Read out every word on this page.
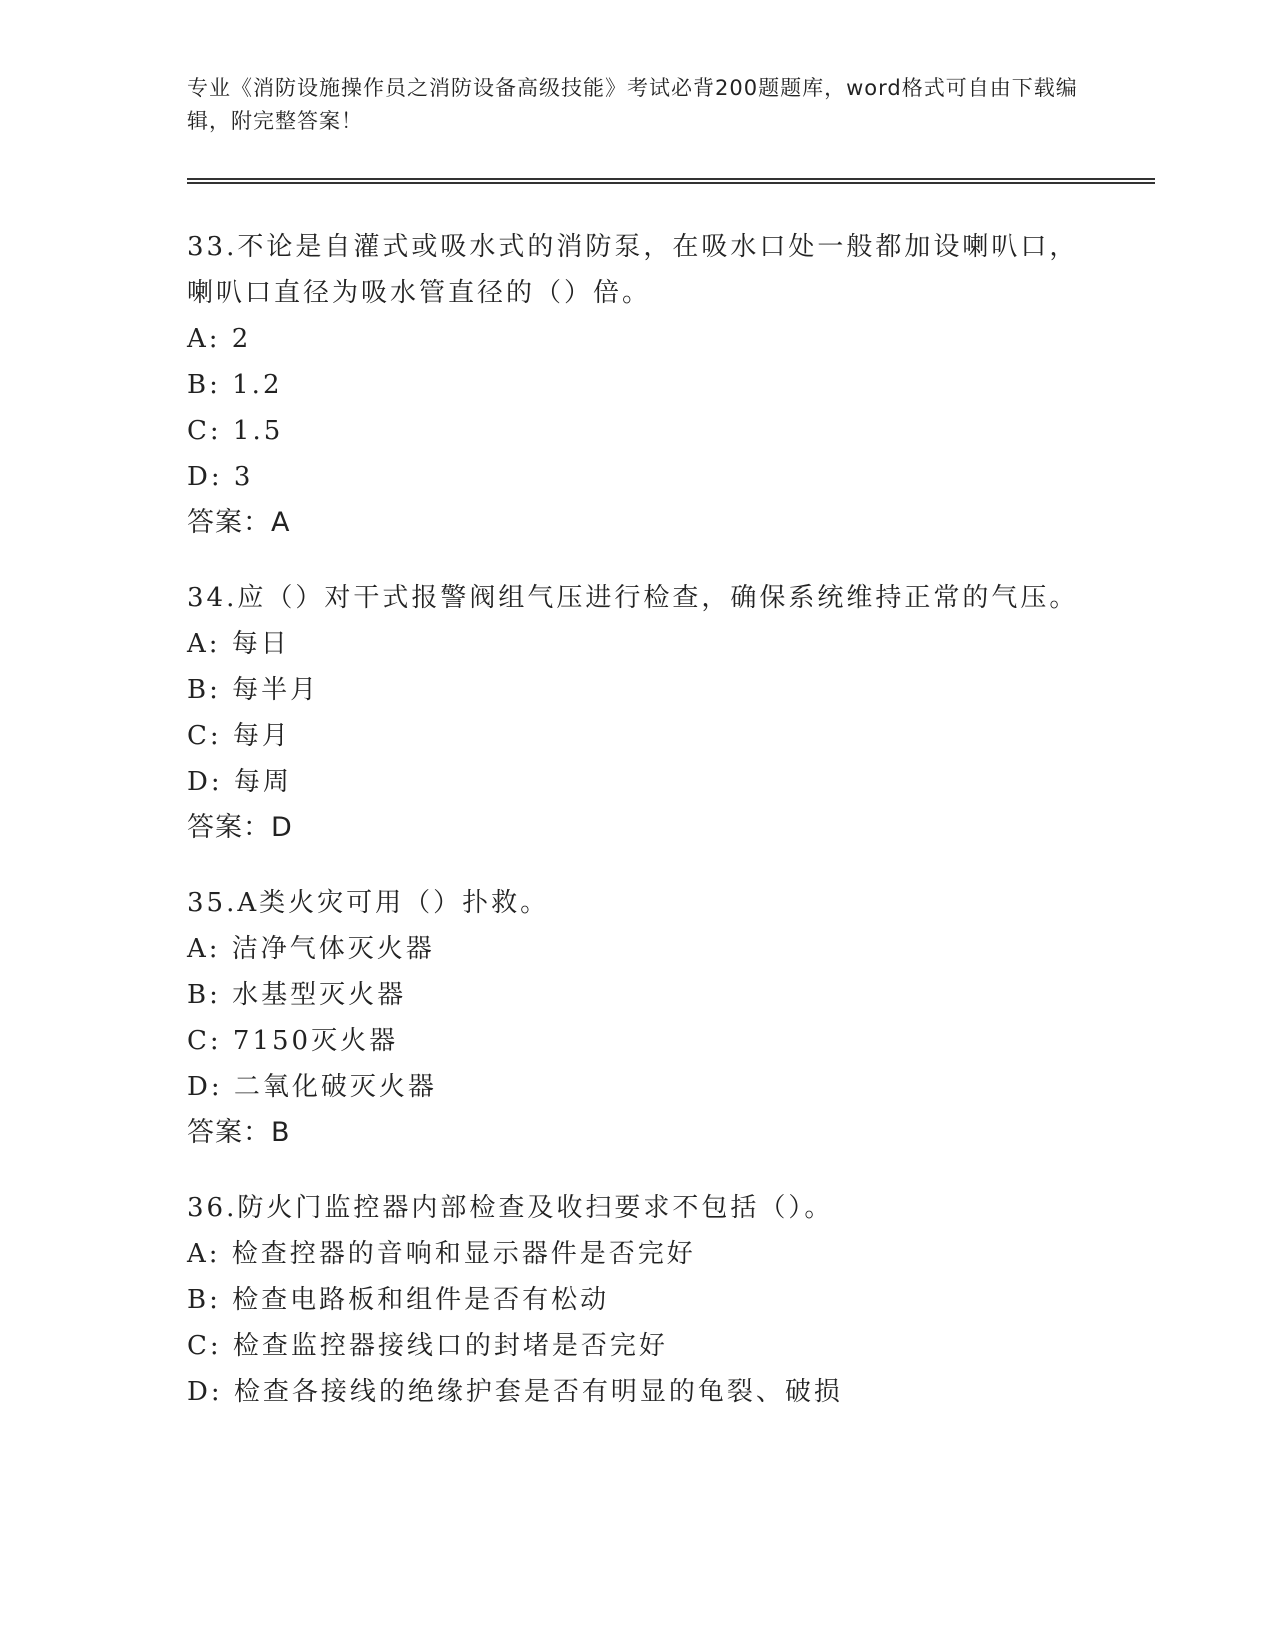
专业《消防设施操作员之消防设备高级技能》考试必背200题题库，word格式可自由下载编辑，附完整答案！
33.不论是自灌式或吸水式的消防泵，在吸水口处一般都加设喇叭口，喇叭口直径为吸水管直径的（）倍。
A: 2
B: 1.2
C: 1.5
D: 3
答案：A
34.应（）对干式报警阀组气压进行检查，确保系统维持正常的气压。
A: 每日
B: 每半月
C: 每月
D: 每周
答案：D
35.A类火灾可用（）扑救。
A: 洁净气体灭火器
B: 水基型灭火器
C: 7150灭火器
D: 二氧化破灭火器
答案：B
36.防火门监控器内部检查及收扫要求不包括（）。
A: 检查控器的音响和显示器件是否完好
B: 检查电路板和组件是否有松动
C: 检查监控器接线口的封堵是否完好
D: 检查各接线的绝缘护套是否有明显的龟裂、破损
